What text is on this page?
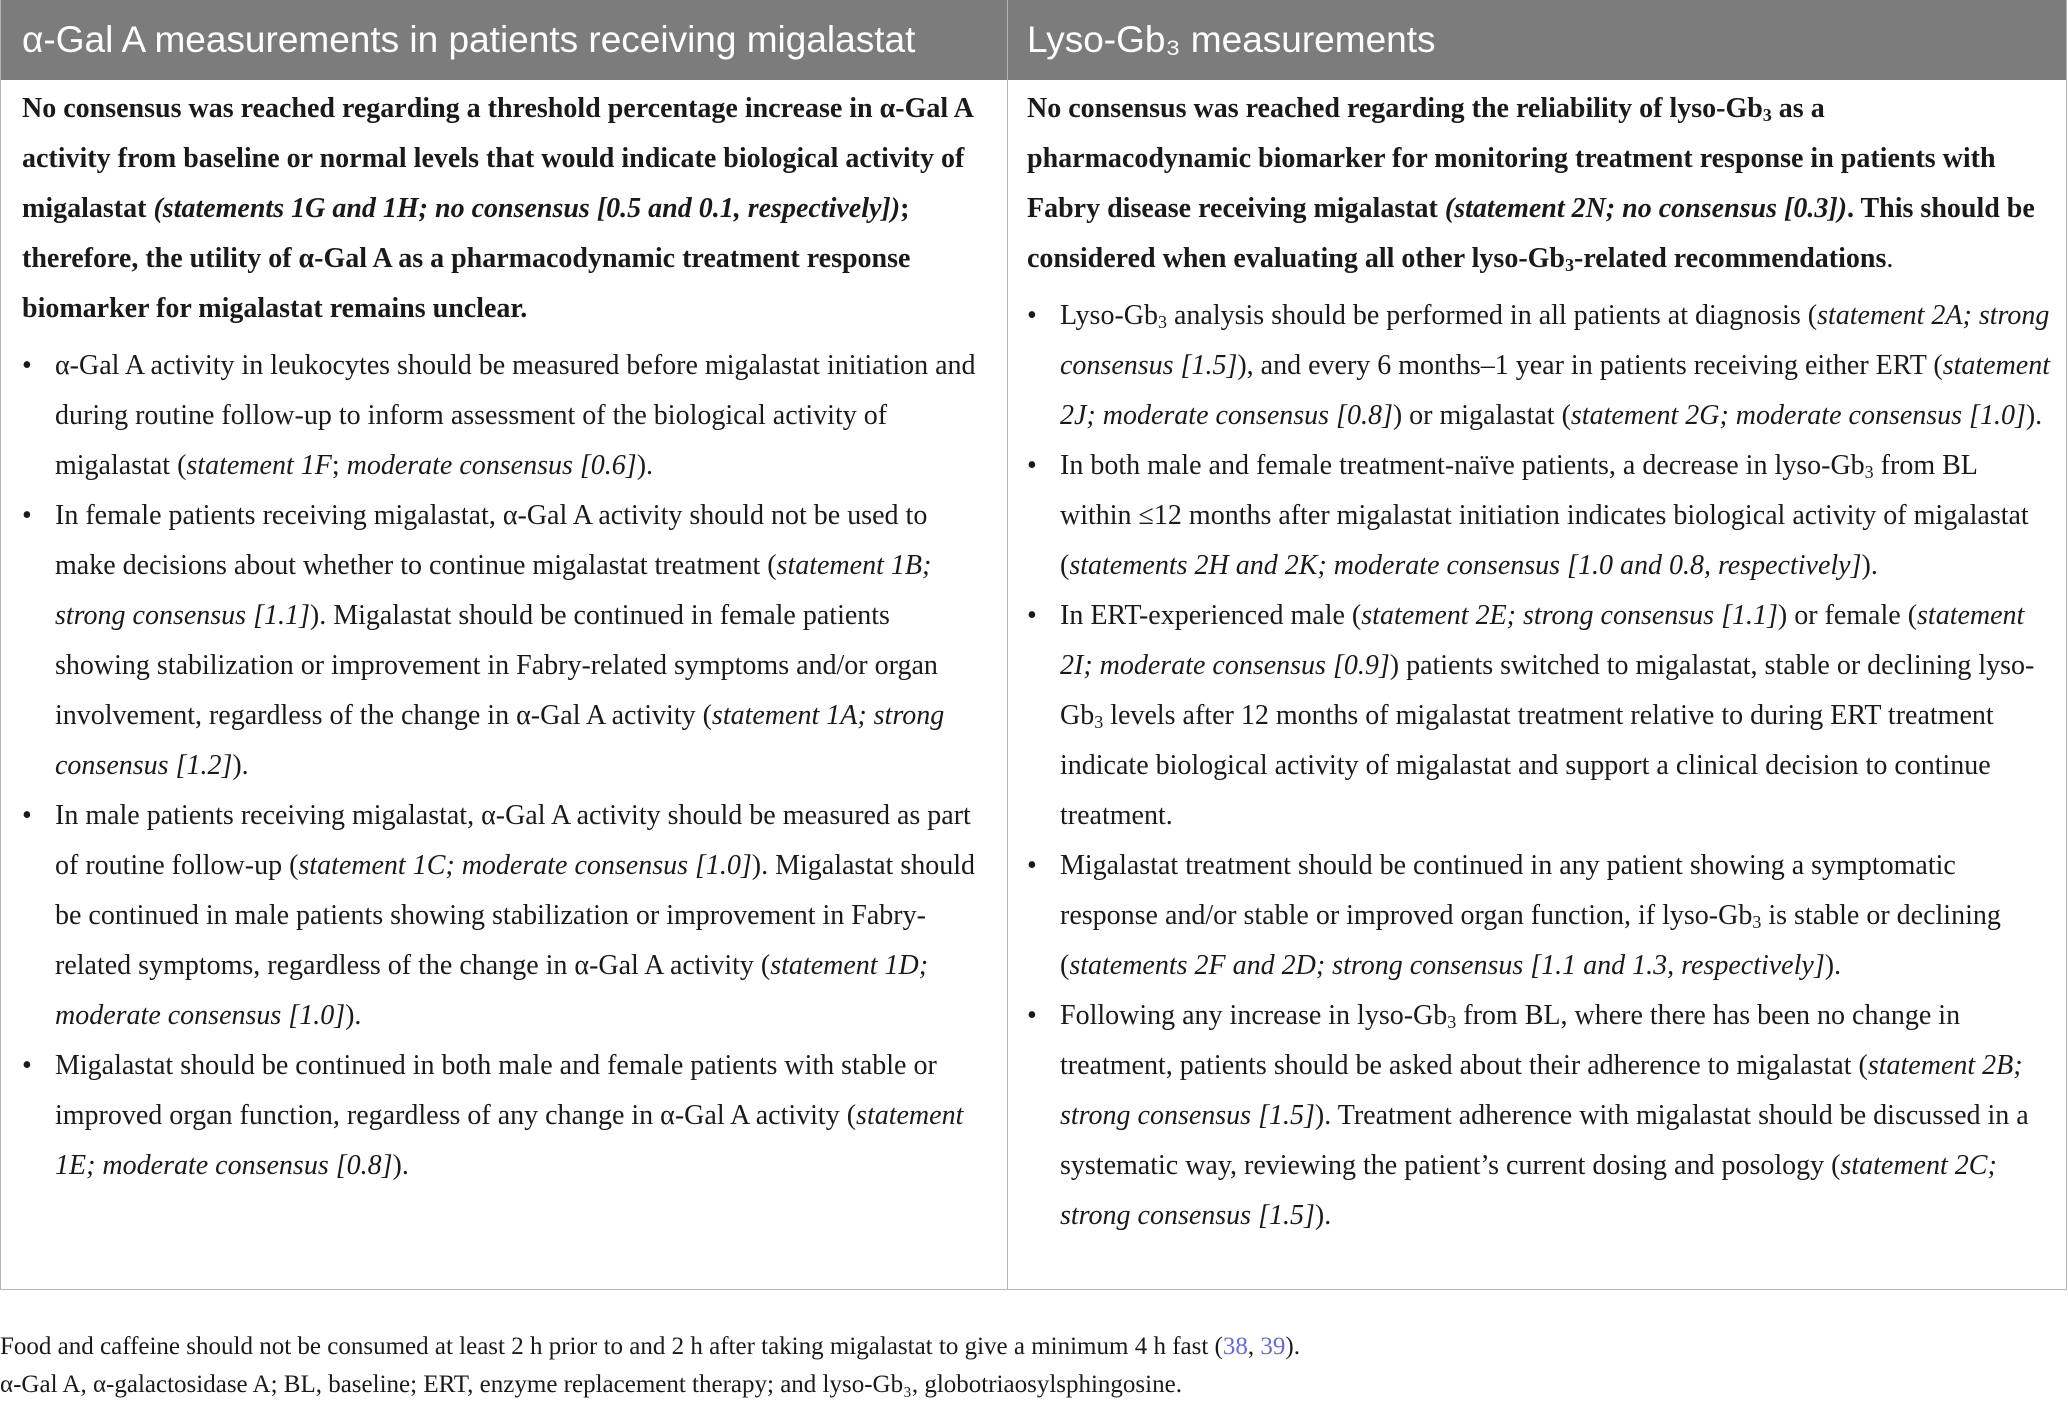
α-Gal A measurements in patients receiving migalastat	Lyso-Gb₃ measurements

No consensus was reached regarding a threshold percentage increase in α-Gal A activity from baseline or normal levels that would indicate biological activity of migalastat (statements 1G and 1H; no consensus [0.5 and 0.1, respectively]); therefore, the utility of α-Gal A as a pharmacodynamic treatment response biomarker for migalastat remains unclear.

• α-Gal A activity in leukocytes should be measured before migalastat initiation and during routine follow-up to inform assessment of the biological activity of migalastat (statement 1F; moderate consensus [0.6]).
• In female patients receiving migalastat, α-Gal A activity should not be used to make decisions about whether to continue migalastat treatment (statement 1B; strong consensus [1.1]). Migalastat should be continued in female patients showing stabilization or improvement in Fabry-related symptoms and/or organ involvement, regardless of the change in α-Gal A activity (statement 1A; strong consensus [1.2]).
• In male patients receiving migalastat, α-Gal A activity should be measured as part of routine follow-up (statement 1C; moderate consensus [1.0]). Migalastat should be continued in male patients showing stabilization or improvement in Fabry-related symptoms, regardless of the change in α-Gal A activity (statement 1D; moderate consensus [1.0]).
• Migalastat should be continued in both male and female patients with stable or improved organ function, regardless of any change in α-Gal A activity (statement 1E; moderate consensus [0.8]).

No consensus was reached regarding the reliability of lyso-$Gb_3$ as a pharmacodynamic biomarker for monitoring treatment response in patients with Fabry disease receiving migalastat (statement 2N; no consensus [0.3]). This should be considered when evaluating all other lyso-$Gb_3$-related recommendations.

• Lyso-$Gb_3$ analysis should be performed in all patients at diagnosis (statement 2A; strong consensus [1.5]), and every 6 months–1 year in patients receiving either ERT (statement 2J; moderate consensus [0.8]) or migalastat (statement 2G; moderate consensus [1.0]).
• In both male and female treatment-naïve patients, a decrease in lyso-$Gb_3$ from BL within ≤12 months after migalastat initiation indicates biological activity of migalastat (statements 2H and 2K; moderate consensus [1.0 and 0.8, respectively]).
• In ERT-experienced male (statement 2E; strong consensus [1.1]) or female (statement 2I; moderate consensus [0.9]) patients switched to migalastat, stable or declining lyso-$Gb_3$ levels after 12 months of migalastat treatment relative to during ERT treatment indicate biological activity of migalastat and support a clinical decision to continue treatment.
• Migalastat treatment should be continued in any patient showing a symptomatic response and/or stable or improved organ function, if lyso-$Gb_3$ is stable or declining (statements 2F and 2D; strong consensus [1.1 and 1.3, respectively]).
• Following any increase in lyso-$Gb_3$ from BL, where there has been no change in treatment, patients should be asked about their adherence to migalastat (statement 2B; strong consensus [1.5]). Treatment adherence with migalastat should be discussed in a systematic way, reviewing the patient’s current dosing and posology (statement 2C; strong consensus [1.5]).

Food and caffeine should not be consumed at least 2 h prior to and 2 h after taking migalastat to give a minimum 4 h fast (38, 39).

α-Gal A, α-galactosidase A; BL, baseline; ERT, enzyme replacement therapy; and lyso-Gb₃, globotriaosylsphingosine.
